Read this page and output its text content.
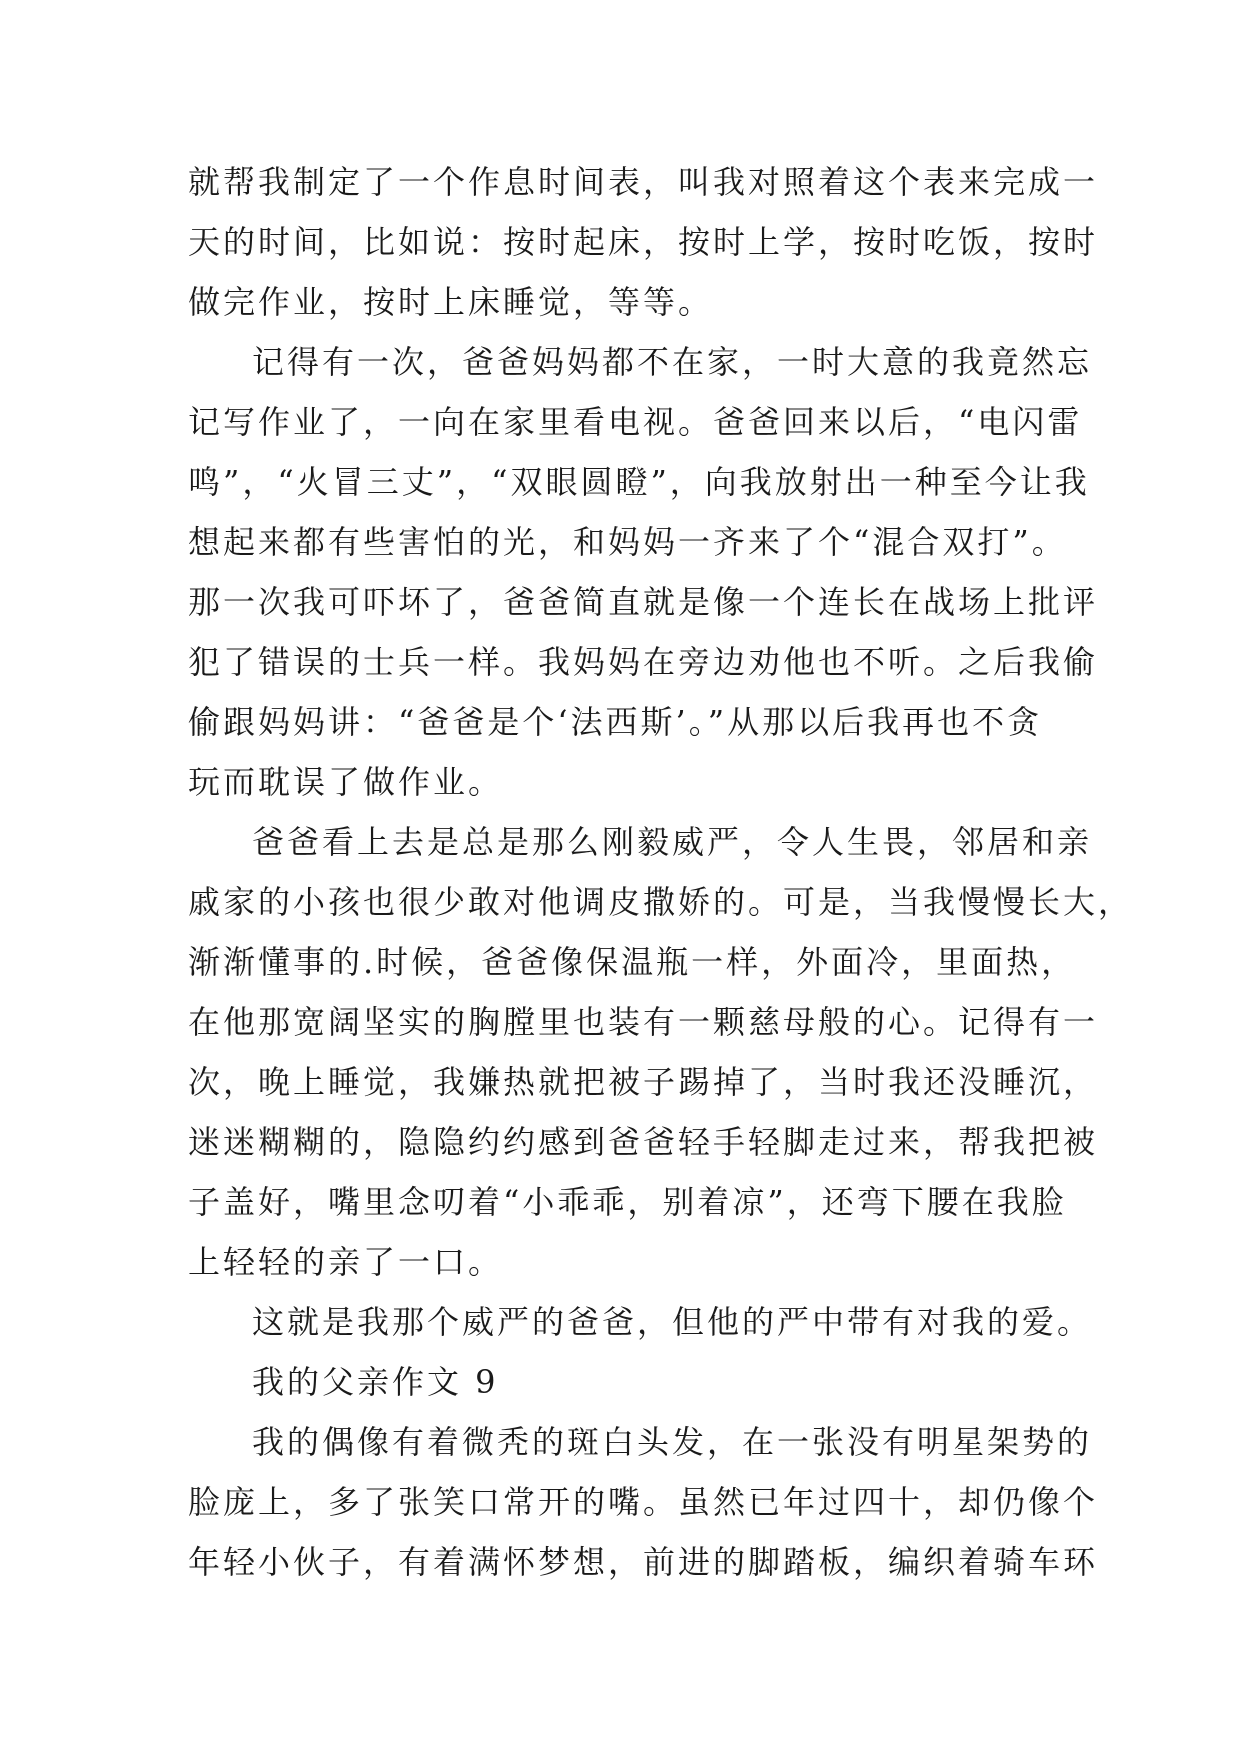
就帮我制定了一个作息时间表，叫我对照着这个表来完成一
天的时间，比如说：按时起床，按时上学，按时吃饭，按时
做完作业，按时上床睡觉，等等。
记得有一次，爸爸妈妈都不在家，一时大意的我竟然忘
记写作业了，一向在家里看电视。爸爸回来以后，“电闪雷
鸣”，“火冒三丈”，“双眼圆瞪”，向我放射出一种至今让我
想起来都有些害怕的光，和妈妈一齐来了个“混合双打”。
那一次我可吓坏了，爸爸简直就是像一个连长在战场上批评
犯了错误的士兵一样。我妈妈在旁边劝他也不听。之后我偷
偷跟妈妈讲：“爸爸是个‘法西斯’。”从那以后我再也不贪
玩而耽误了做作业。
爸爸看上去是总是那么刚毅威严，令人生畏，邻居和亲
戚家的小孩也很少敢对他调皮撒娇的。可是，当我慢慢长大，
渐渐懂事的.时候，爸爸像保温瓶一样，外面冷，里面热，
在他那宽阔坚实的胸膛里也装有一颗慈母般的心。记得有一
次，晚上睡觉，我嫌热就把被子踢掉了，当时我还没睡沉，
迷迷糊糊的，隐隐约约感到爸爸轻手轻脚走过来，帮我把被
子盖好，嘴里念叨着“小乖乖，别着凉”，还弯下腰在我脸
上轻轻的亲了一口。
这就是我那个威严的爸爸，但他的严中带有对我的爱。
我的父亲作文 9
我的偶像有着微秃的斑白头发，在一张没有明星架势的
脸庞上，多了张笑口常开的嘴。虽然已年过四十，却仍像个
年轻小伙子，有着满怀梦想，前进的脚踏板，编织着骑车环
